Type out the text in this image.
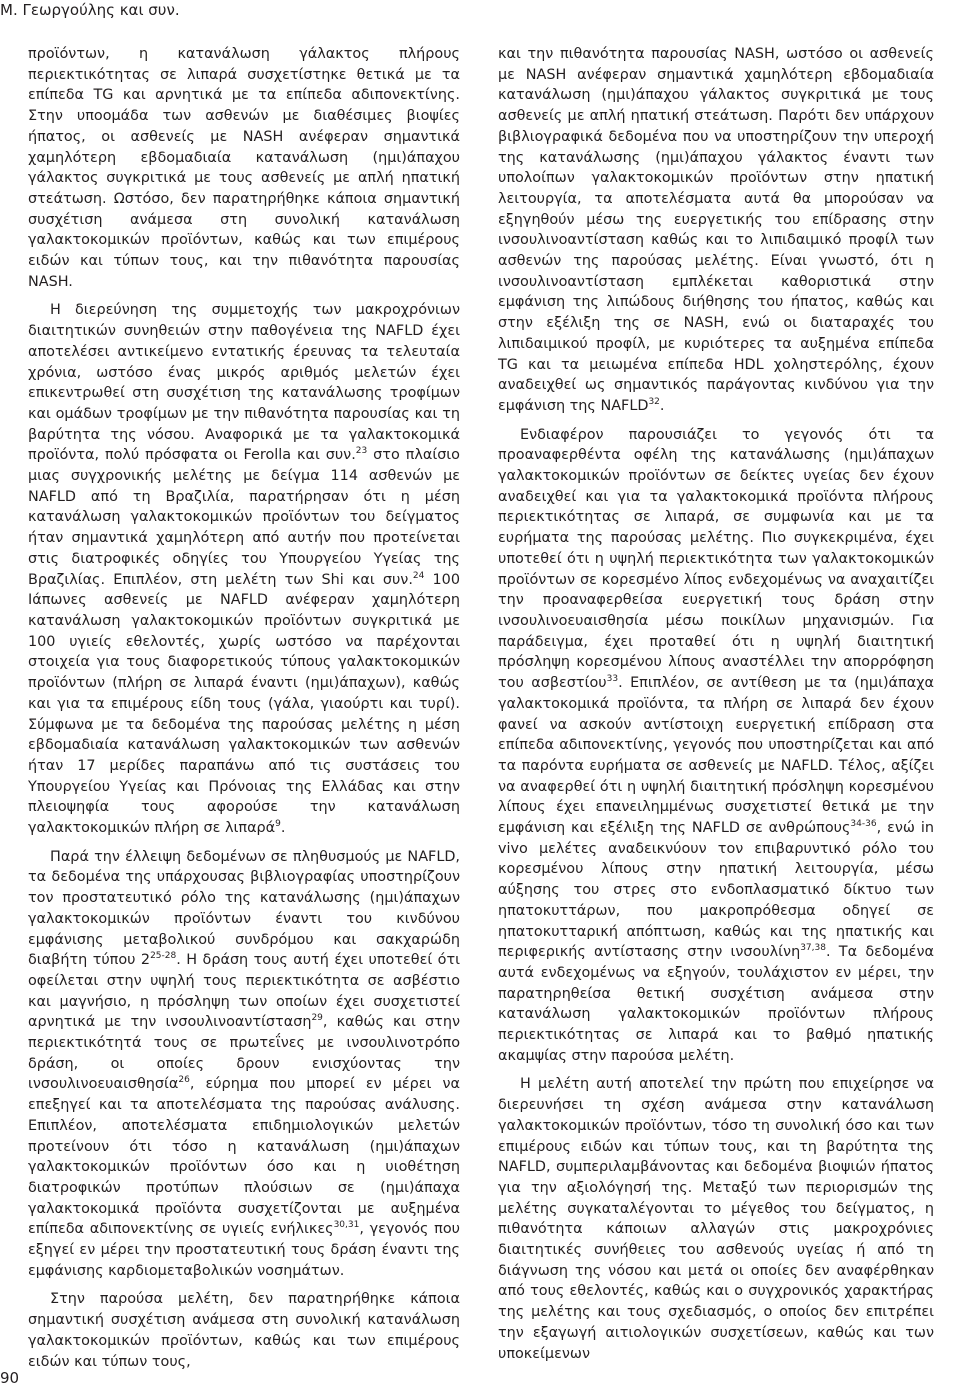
Μ. Γεωργούλης και συν.

προϊόντων, η κατανάλωση γάλακτος πλήρους περιεκτικότητας σε λιπαρά συσχετίστηκε θετικά με τα επίπεδα TG και αρνητικά με τα επίπεδα αδιπονεκτίνης. Στην υποομάδα των ασθενών με διαθέσιμες βιοψίες ήπατος, οι ασθενείς με NASH ανέφεραν σημαντικά χαμηλότερη εβδομαδιαία κατανάλωση (ημι)άπαχου γάλακτος συγκριτικά με τους ασθενείς με απλή ηπατική στεάτωση. Ωστόσο, δεν παρατηρήθηκε κάποια σημαντική συσχέτιση ανάμεσα στη συνολική κατανάλωση γαλακτοκομικών προϊόντων, καθώς και των επιμέρους ειδών και τύπων τους, και την πιθανότητα παρουσίας NASH.

Η διερεύνηση της συμμετοχής των μακροχρόνιων διαιτητικών συνηθειών στην παθογένεια της NAFLD έχει αποτελέσει αντικείμενο εντατικής έρευνας τα τελευταία χρόνια, ωστόσο ένας μικρός αριθμός μελετών έχει επικεντρωθεί στη συσχέτιση της κατανάλωσης τροφίμων και ομάδων τροφίμων με την πιθανότητα παρουσίας και τη βαρύτητα της νόσου. Αναφορικά με τα γαλακτοκομικά προϊόντα, πολύ πρόσφατα οι Ferolla και συν.$^{23}$ στο πλαίσιο μιας συγχρονικής μελέτης με δείγμα 114 ασθενών με NAFLD από τη Βραζιλία, παρατήρησαν ότι η μέση κατανάλωση γαλακτοκομικών προϊόντων του δείγματος ήταν σημαντικά χαμηλότερη από αυτήν που προτείνεται στις διατροφικές οδηγίες του Υπουργείου Υγείας της Βραζιλίας. Επιπλέον, στη μελέτη των Shi και συν.$^{24}$ 100 Ιάπωνες ασθενείς με NAFLD ανέφεραν χαμηλότερη κατανάλωση γαλακτοκομικών προϊόντων συγκριτικά με 100 υγιείς εθελοντές, χωρίς ωστόσο να παρέχονται στοιχεία για τους διαφορετικούς τύπους γαλακτοκομικών προϊόντων (πλήρη σε λιπαρά έναντι (ημι)άπαχων), καθώς και για τα επιμέρους είδη τους (γάλα, γιαούρτι και τυρί). Σύμφωνα με τα δεδομένα της παρούσας μελέτης η μέση εβδομαδιαία κατανάλωση γαλακτοκομικών των ασθενών ήταν 17 μερίδες παραπάνω από τις συστάσεις του Υπουργείου Υγείας και Πρόνοιας της Ελλάδας και στην πλειοψηφία τους αφορούσε την κατανάλωση γαλακτοκομικών πλήρη σε λιπαρά$^9$.

Παρά την έλλειψη δεδομένων σε πληθυσμούς με NAFLD, τα δεδομένα της υπάρχουσας βιβλιογραφίας υποστηρίζουν τον προστατευτικό ρόλο της κατανάλωσης (ημι)άπαχων γαλακτοκομικών προϊόντων έναντι του κινδύνου εμφάνισης μεταβολικού συνδρόμου και σακχαρώδη διαβήτη τύπου 2$^{25-28}$. Η δράση τους αυτή έχει υποτεθεί ότι οφείλεται στην υψηλή τους περιεκτικότητα σε ασβέστιο και μαγνήσιο, η πρόσληψη των οποίων έχει συσχετιστεί αρνητικά με την ινσουλινοαντίσταση$^{29}$, καθώς και στην περιεκτικότητά τους σε πρωτεΐνες με ινσουλινοτρόπο δράση, οι οποίες δρουν ενισχύοντας την ινσουλινοευαισθησία$^{26}$, εύρημα που μπορεί εν μέρει να επεξηγεί και τα αποτελέσματα της παρούσας ανάλυσης. Επιπλέον, αποτελέσματα επιδημιολογικών μελετών προτείνουν ότι τόσο η κατανάλωση (ημι)άπαχων γαλακτοκομικών προϊόντων όσο και η υιοθέτηση διατροφικών προτύπων πλούσιων σε (ημι)άπαχα γαλακτοκομικά προϊόντα συσχετίζονται με αυξημένα επίπεδα αδιπονεκτίνης σε υγιείς ενήλικες$^{30,31}$, γεγονός που εξηγεί εν μέρει την προστατευτική τους δράση έναντι της εμφάνισης καρδιομεταβολικών νοσημάτων.

Στην παρούσα μελέτη, δεν παρατηρήθηκε κάποια σημαντική συσχέτιση ανάμεσα στη συνολική κατανάλωση γαλακτοκομικών προϊόντων, καθώς και των επιμέρους ειδών και τύπων τους,

και την πιθανότητα παρουσίας NASH, ωστόσο οι ασθενείς με NASH ανέφεραν σημαντικά χαμηλότερη εβδομαδιαία κατανάλωση (ημι)άπαχου γάλακτος συγκριτικά με τους ασθενείς με απλή ηπατική στεάτωση. Παρότι δεν υπάρχουν βιβλιογραφικά δεδομένα που να υποστηρίζουν την υπεροχή της κατανάλωσης (ημι)άπαχου γάλακτος έναντι των υπολοίπων γαλακτοκομικών προϊόντων στην ηπατική λειτουργία, τα αποτελέσματα αυτά θα μπορούσαν να εξηγηθούν μέσω της ευεργετικής του επίδρασης στην ινσουλινοαντίσταση καθώς και το λιπιδαιμικό προφίλ των ασθενών της παρούσας μελέτης. Είναι γνωστό, ότι η ινσουλινοαντίσταση εμπλέκεται καθοριστικά στην εμφάνιση της λιπώδους διήθησης του ήπατος, καθώς και στην εξέλιξη της σε NASH, ενώ οι διαταραχές του λιπιδαιμικού προφίλ, με κυριότερες τα αυξημένα επίπεδα TG και τα μειωμένα επίπεδα HDL χοληστερόλης, έχουν αναδειχθεί ως σημαντικός παράγοντας κινδύνου για την εμφάνιση της NAFLD$^{32}$.

Ενδιαφέρον παρουσιάζει το γεγονός ότι τα προαναφερθέντα οφέλη της κατανάλωσης (ημι)άπαχων γαλακτοκομικών προϊόντων σε δείκτες υγείας δεν έχουν αναδειχθεί και για τα γαλακτοκομικά προϊόντα πλήρους περιεκτικότητας σε λιπαρά, σε συμφωνία και με τα ευρήματα της παρούσας μελέτης. Πιο συγκεκριμένα, έχει υποτεθεί ότι η υψηλή περιεκτικότητα των γαλακτοκομικών προϊόντων σε κορεσμένο λίπος ενδεχομένως να αναχαιτίζει την προαναφερθείσα ευεργετική τους δράση στην ινσουλινοευαισθησία μέσω ποικίλων μηχανισμών. Για παράδειγμα, έχει προταθεί ότι η υψηλή διαιτητική πρόσληψη κορεσμένου λίπους αναστέλλει την απορρόφηση του ασβεστίου$^{33}$. Επιπλέον, σε αντίθεση με τα (ημι)άπαχα γαλακτοκομικά προϊόντα, τα πλήρη σε λιπαρά δεν έχουν φανεί να ασκούν αντίστοιχη ευεργετική επίδραση στα επίπεδα αδιπονεκτίνης, γεγονός που υποστηρίζεται και από τα παρόντα ευρήματα σε ασθενείς με NAFLD. Τέλος, αξίζει να αναφερθεί ότι η υψηλή διαιτητική πρόσληψη κορεσμένου λίπους έχει επανειλημμένως συσχετιστεί θετικά με την εμφάνιση και εξέλιξη της NAFLD σε ανθρώπους$^{34-36}$, ενώ in vivo μελέτες αναδεικνύουν τον επιβαρυντικό ρόλο του κορεσμένου λίπους στην ηπατική λειτουργία, μέσω αύξησης του στρες στο ενδοπλασματικό δίκτυο των ηπατοκυττάρων, που μακροπρόθεσμα οδηγεί σε ηπατοκυτταρική απόπτωση, καθώς και της ηπατικής και περιφερικής αντίστασης στην ινσουλίνη$^{37,38}$. Τα δεδομένα αυτά ενδεχομένως να εξηγούν, τουλάχιστον εν μέρει, την παρατηρηθείσα θετική συσχέτιση ανάμεσα στην κατανάλωση γαλακτοκομικών προϊόντων πλήρους περιεκτικότητας σε λιπαρά και το βαθμό ηπατικής ακαμψίας στην παρούσα μελέτη.

Η μελέτη αυτή αποτελεί την πρώτη που επιχείρησε να διερευνήσει τη σχέση ανάμεσα στην κατανάλωση γαλακτοκομικών προϊόντων, τόσο τη συνολική όσο και των επιμέρους ειδών και τύπων τους, και τη βαρύτητα της NAFLD, συμπεριλαμβάνοντας και δεδομένα βιοψιών ήπατος για την αξιολόγησή της. Μεταξύ των περιορισμών της μελέτης συγκαταλέγονται το μέγεθος του δείγματος, η πιθανότητα κάποιων αλλαγών στις μακροχρόνιες διαιτητικές συνήθειες του ασθενούς υγείας ή από τη διάγνωση της νόσου και μετά οι οποίες δεν αναφέρθηκαν από τους εθελοντές, καθώς και ο συγχρονικός χαρακτήρας της μελέτης και τους σχεδιασμός, ο οποίος δεν επιτρέπει την εξαγωγή αιτιολογικών συσχετίσεων, καθώς και των υποκείμενων

90
